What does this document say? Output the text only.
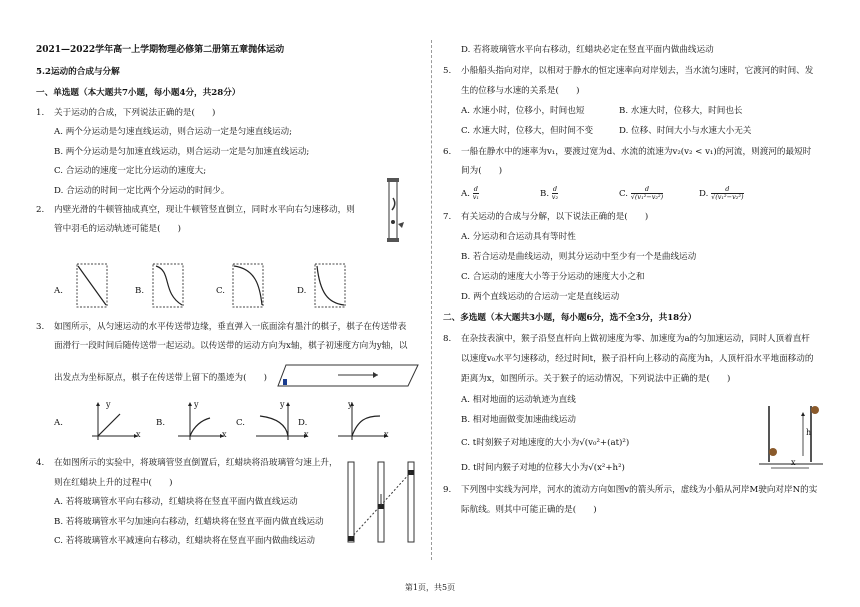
2021—2022学年高一上学期物理必修第二册第五章抛体运动
5.2运动的合成与分解
一、单选题（本大题共7小题，每小题4分，共28分）
1. 关于运动的合成，下列说法正确的是(　　)
A. 两个分运动是匀速直线运动，则合运动一定是匀速直线运动;
B. 两个分运动是匀加速直线运动，则合运动一定是匀加速直线运动;
C. 合运动的速度一定比分运动的速度大;
D. 合运动的时间一定比两个分运动的时间少。
2. 内壁光滑的牛顿管抽成真空，现让牛顿管竖直倒立，同时水平向右匀速移动，则
管中羽毛的运动轨迹可能是(　　)
A.	B.	C.	D.
3. 如图所示，从匀速运动的水平传送带边缘，垂直弹入一底面涂有墨汁的棋子，棋子在传送带表
面滑行一段时间后随传送带一起运动。以传送带的运动方向为x轴，棋子初速度方向为y轴，以
出发点为坐标原点，棋子在传送带上留下的墨迹为(　　)
A.
y
x
B.
y
x
C.
y
x
D.
y
x
4. 在如图所示的实验中，将玻璃管竖直倒置后，红蜡块将沿玻璃管匀速上升，
则在红蜡块上升的过程中(　　)
A. 若将玻璃管水平向右移动，红蜡块将在竖直平面内做直线运动
B. 若将玻璃管水平匀加速向右移动，红蜡块将在竖直平面内做直线运动
C. 若将玻璃管水平减速向右移动，红蜡块将在竖直平面内做曲线运动
D. 若将玻璃管水平向右移动，红蜡块必定在竖直平面内做曲线运动
5. 小船船头指向对岸，以相对于静水的恒定速率向对岸划去，当水流匀速时，它渡河的时间、发
生的位移与水速的关系是(　　)
A. 水速小时，位移小，时间也短	B. 水速大时，位移大，时间也长
C. 水速大时，位移大，但时间不变	D. 位移、时间大小与水速大小无关
6. 一船在静水中的速率为v₁，要渡过宽为d、水流的流速为v₂(v₂ < v₁)的河流，则渡河的最短时
间为(　　)
A. $\frac{d}{\text{v₁}}$	B. $\frac{d}{\text{v₂}}$	C. $\frac{d}{\text{√(v₁²−v₂²)}}$	D. $\frac{d}{\text{√(v₁²−v₂²)}}$
7. 有关运动的合成与分解，以下说法正确的是(　　)
A. 分运动和合运动具有等时性
B. 若合运动是曲线运动，则其分运动中至少有一个是曲线运动
C. 合运动的速度大小等于分运动的速度大小之和
D. 两个直线运动的合运动一定是直线运动
二、多选题（本大题共3小题，每小题6分，选不全3分，共18分）
8. 在杂技表演中，猴子沿竖直杆向上做初速度为零、加速度为a的匀加速运动，同时人顶着直杆
以速度v₀水平匀速移动，经过时间t，猴子沿杆向上移动的高度为h，人顶杆沿水平地面移动的
距离为x，如图所示。关于猴子的运动情况，下列说法中正确的是(　　)
A. 相对地面的运动轨迹为直线
B. 相对地面做变加速曲线运动
C. t时刻猴子对地速度的大小为√(v₀²+(at)²)
D. t时间内猴子对地的位移大小为√(x²+h²)
h
x
9. 下列图中实线为河岸，河水的流动方向如图v的箭头所示，虚线为小船从河岸M驶向对岸N的实
际航线。则其中可能正确的是(　　)
第1页，共5页
